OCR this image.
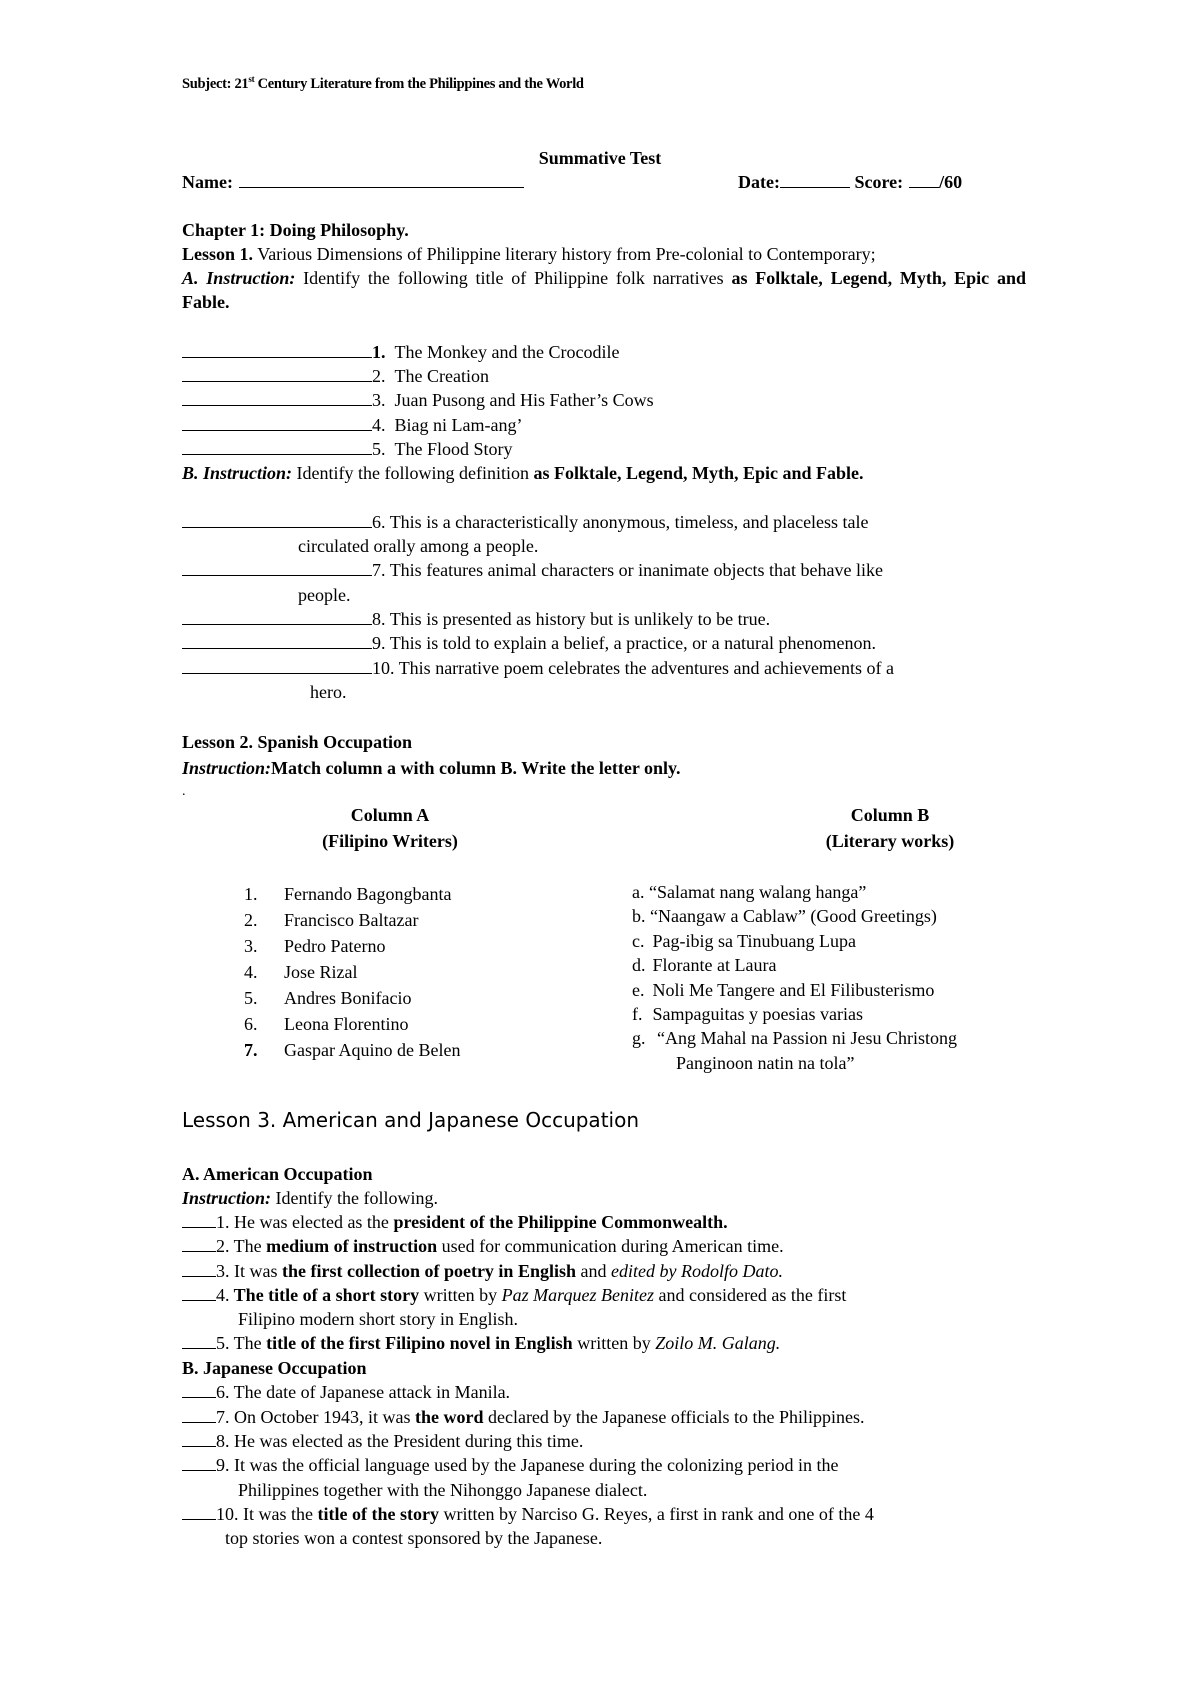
Subject: 21st Century Literature from the Philippines and the World
Summative Test
Name:	Date:	Score: /60
Chapter 1: Doing Philosophy.
Lesson 1. Various Dimensions of Philippine literary history from Pre-colonial to Contemporary;
A. Instruction: Identify the following title of Philippine folk narratives as Folktale, Legend, Myth, Epic and Fable.
1. The Monkey and the Crocodile
2. The Creation
3. Juan Pusong and His Father’s Cows
4. Biag ni Lam-ang’
5. The Flood Story
B. Instruction: Identify the following definition as Folktale, Legend, Myth, Epic and Fable.
6. This is a characteristically anonymous, timeless, and placeless tale
circulated orally among a people.
7. This features animal characters or inanimate objects that behave like
people.
8. This is presented as history but is unlikely to be true.
9. This is told to explain a belief, a practice, or a natural phenomenon.
10. This narrative poem celebrates the adventures and achievements of a
hero.
Lesson 2. Spanish Occupation
Instruction:Match column a with column B. Write the letter only.
.
Column A
(Filipino Writers)
Column B
(Literary works)
1. Fernando Bagongbanta
2. Francisco Baltazar
3. Pedro Paterno
4. Jose Rizal
5. Andres Bonifacio
6. Leona Florentino
7. Gaspar Aquino de Belen
a. “Salamat nang walang hanga”
b. “Naangaw a Cablaw” (Good Greetings)
c. Pag-ibig sa Tinubuang Lupa
d. Florante at Laura
e. Noli Me Tangere and El Filibusterismo
f. Sampaguitas y poesias varias
g. “Ang Mahal na Passion ni Jesu Christong
Panginoon natin na tola”
Lesson 3. American and Japanese Occupation
A. American Occupation
Instruction: Identify the following.
1. He was elected as the president of the Philippine Commonwealth.
2. The medium of instruction used for communication during American time.
3. It was the first collection of poetry in English and edited by Rodolfo Dato.
4. The title of a short story written by Paz Marquez Benitez and considered as the first
Filipino modern short story in English.
5. The title of the first Filipino novel in English written by Zoilo M. Galang.
B. Japanese Occupation
6. The date of Japanese attack in Manila.
7. On October 1943, it was the word declared by the Japanese officials to the Philippines.
8. He was elected as the President during this time.
9. It was the official language used by the Japanese during the colonizing period in the
Philippines together with the Nihonggo Japanese dialect.
10. It was the title of the story written by Narciso G. Reyes, a first in rank and one of the 4
top stories won a contest sponsored by the Japanese.
